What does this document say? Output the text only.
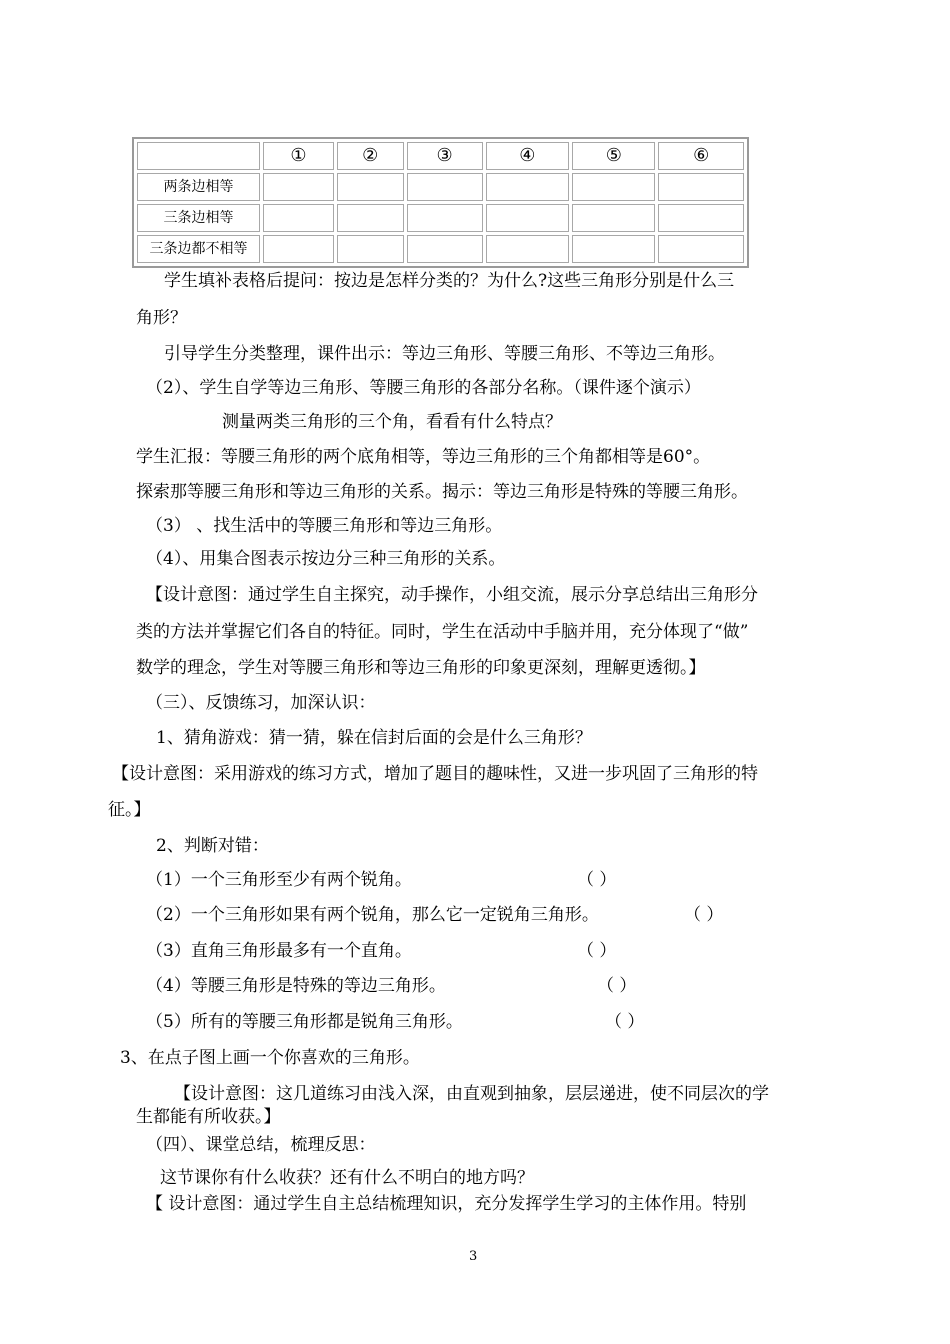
	①	②	③	④	⑤	⑥
两条边相等						
三条边相等						
三条边都不相等						
学生填补表格后提问：按边是怎样分类的？为什么?这些三角形分别是什么三
角形？
引导学生分类整理，课件出示：等边三角形、等腰三角形、不等边三角形。
（2）、学生自学等边三角形、等腰三角形的各部分名称。（课件逐个演示）
测量两类三角形的三个角，看看有什么特点？
学生汇报：等腰三角形的两个底角相等，等边三角形的三个角都相等是60°。
探索那等腰三角形和等边三角形的关系。揭示：等边三角形是特殊的等腰三角形。
（3） 、找生活中的等腰三角形和等边三角形。
（4）、用集合图表示按边分三种三角形的关系。
【设计意图：通过学生自主探究，动手操作，小组交流，展示分享总结出三角形分
类的方法并掌握它们各自的特征。同时，学生在活动中手脑并用，充分体现了“做”
数学的理念，学生对等腰三角形和等边三角形的印象更深刻，理解更透彻。】
（三）、反馈练习，加深认识：
1、猜角游戏：猜一猜，躲在信封后面的会是什么三角形？
【设计意图：采用游戏的练习方式，增加了题目的趣味性，又进一步巩固了三角形的特
征。】
2、判断对错：
（1）一个三角形至少有两个锐角。	（ ）
（2）一个三角形如果有两个锐角，那么它一定锐角三角形。	（ ）
（3）直角三角形最多有一个直角。	（ ）
（4）等腰三角形是特殊的等边三角形。	（ ）
（5）所有的等腰三角形都是锐角三角形。	（ ）
3、在点子图上画一个你喜欢的三角形。
【设计意图：这几道练习由浅入深，由直观到抽象，层层递进，使不同层次的学
生都能有所收获。】
（四）、课堂总结，梳理反思：
这节课你有什么收获？还有什么不明白的地方吗？
【 设计意图：通过学生自主总结梳理知识，充分发挥学生学习的主体作用。特别
3
